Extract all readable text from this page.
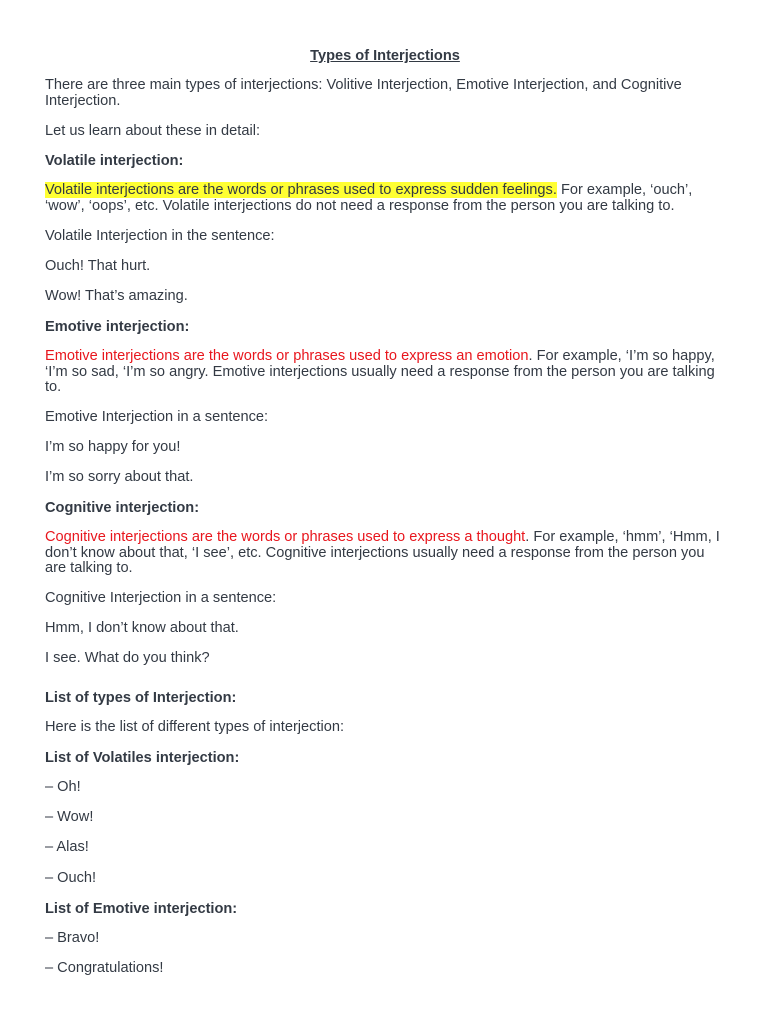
Types of Interjections

There are three main types of interjections: Volitive Interjection, Emotive Interjection, and Cognitive Interjection.

Let us learn about these in detail:

Volatile interjection:

Volatile interjections are the words or phrases used to express sudden feelings. For example, ‘ouch’, ‘wow’, ‘oops’, etc. Volatile interjections do not need a response from the person you are talking to.

Volatile Interjection in the sentence:

Ouch! That hurt.

Wow! That’s amazing.

Emotive interjection:

Emotive interjections are the words or phrases used to express an emotion. For example, ‘I’m so happy, ‘I’m so sad, ‘I’m so angry. Emotive interjections usually need a response from the person you are talking to.

Emotive Interjection in a sentence:

I’m so happy for you!

I’m so sorry about that.

Cognitive interjection:

Cognitive interjections are the words or phrases used to express a thought. For example, ‘hmm’, ‘Hmm, I don’t know about that, ‘I see’, etc. Cognitive interjections usually need a response from the person you are talking to.

Cognitive Interjection in a sentence:

Hmm, I don’t know about that.

I see. What do you think?

List of types of Interjection:

Here is the list of different types of interjection:

List of Volatiles interjection:

– Oh!

– Wow!

– Alas!

– Ouch!

List of Emotive interjection:

– Bravo!

– Congratulations!
